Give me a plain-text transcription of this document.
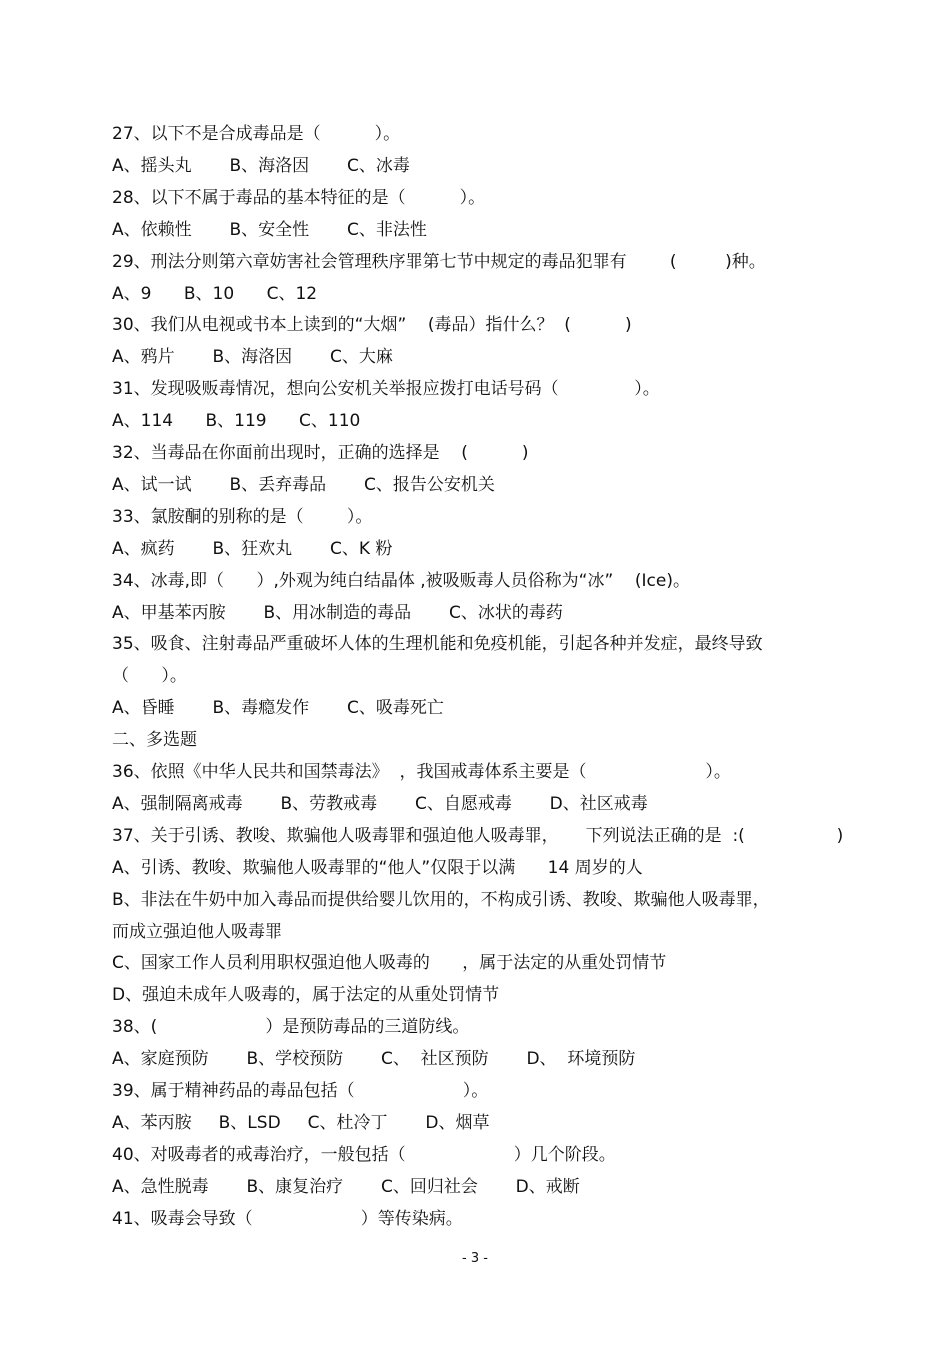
27、以下不是合成毒品是（          ）。
A、摇头丸       B、海洛因       C、冰毒
28、以下不属于毒品的基本特征的是（          ）。
A、依赖性       B、安全性       C、非法性
29、刑法分则第六章妨害社会管理秩序罪第七节中规定的毒品犯罪有        (         )种。
A、9      B、10      C、12
30、我们从电视或书本上读到的“大烟”    (毒品）指什么？  (          )
A、鸦片       B、海洛因       C、大麻
31、发现吸贩毒情况，想向公安机关举报应拨打电话号码（              ）。
A、114      B、119      C、110
32、当毒品在你面前出现时，正确的选择是    (          )
A、试一试       B、丢弃毒品       C、报告公安机关
33、氯胺酮的别称的是（        ）。
A、疯药       B、狂欢丸       C、K 粉
34、冰毒,即（      ）,外观为纯白结晶体 ,被吸贩毒人员俗称为“冰”    (Ice)。
A、甲基苯丙胺       B、用冰制造的毒品       C、冰状的毒药
35、吸食、注射毒品严重破坏人体的生理机能和免疫机能，引起各种并发症，最终导致
（      ）。
A、昏睡       B、毒瘾发作       C、吸毒死亡
二、多选题
36、依照《中华人民共和国禁毒法》  ，我国戒毒体系主要是（                      ）。
A、强制隔离戒毒       B、劳教戒毒       C、自愿戒毒       D、社区戒毒
37、关于引诱、教唆、欺骗他人吸毒罪和强迫他人吸毒罪，     下列说法正确的是  :(                 )
A、引诱、教唆、欺骗他人吸毒罪的“他人”仅限于以满      14 周岁的人
B、非法在牛奶中加入毒品而提供给婴儿饮用的，不构成引诱、教唆、欺骗他人吸毒罪，
而成立强迫他人吸毒罪
C、国家工作人员利用职权强迫他人吸毒的      ，属于法定的从重处罚情节
D、强迫未成年人吸毒的，属于法定的从重处罚情节
38、(                    ）是预防毒品的三道防线。
A、家庭预防       B、学校预防       C、  社区预防       D、  环境预防
39、属于精神药品的毒品包括（                    ）。
A、苯丙胺     B、LSD     C、杜冷丁       D、烟草
40、对吸毒者的戒毒治疗，一般包括（                    ）几个阶段。
A、急性脱毒       B、康复治疗       C、回归社会       D、戒断
41、吸毒会导致（                    ）等传染病。
- 3 -
